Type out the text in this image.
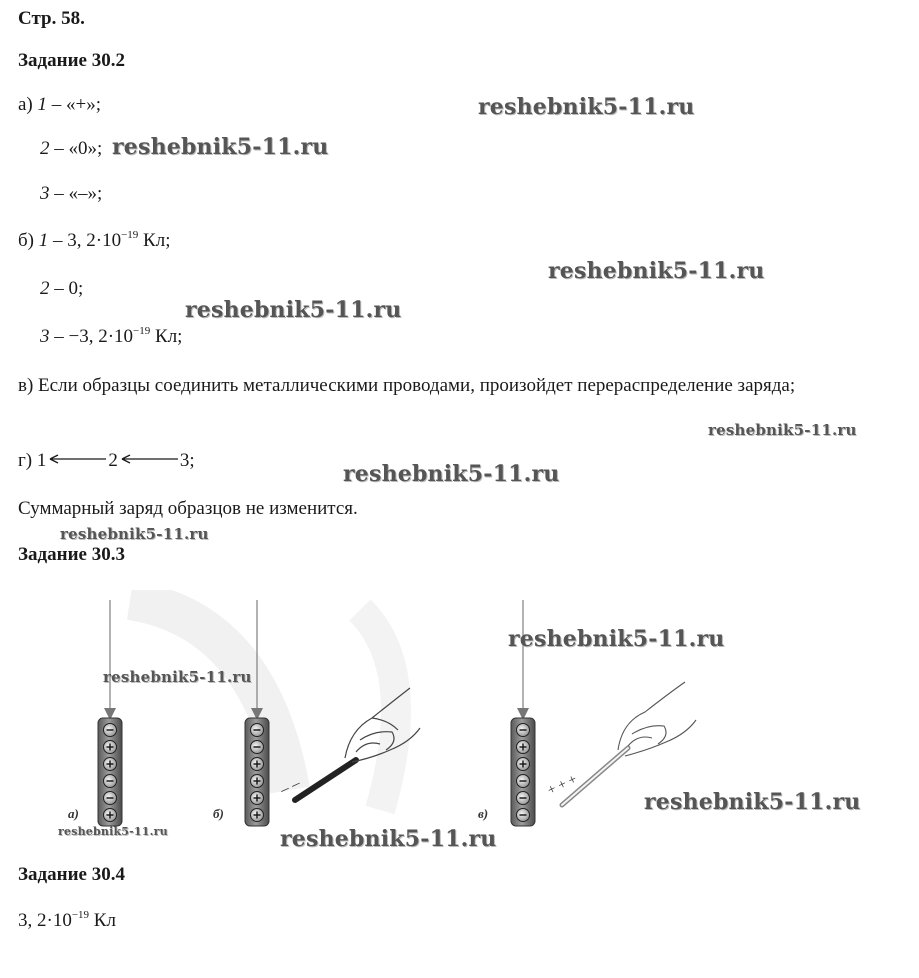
Стр. 58.
Задание 30.2
а) 1 – «+»;
2 – «0»;
3 – «–»;
б) 1 – 3, $2\cdot 10^{-19}$ Кл;
2 – 0;
3 – −3, $2\cdot 10^{-19}$ Кл;
в) Если образцы соединить металлическими проводами, произойдет перераспределение заряда;
г) 1	2	3;
Суммарный заряд образцов не изменится.
Задание 30.3
а)	б)
– –
в)
+ + +
Задание 30.4
3, $2\cdot 10^{-19}$ Кл
reshebnik5-11.ru
reshebnik5-11.ru
reshebnik5-11.ru
reshebnik5-11.ru
reshebnik5-11.ru
reshebnik5-11.ru
reshebnik5-11.ru
reshebnik5-11.ru
reshebnik5-11.ru
reshebnik5-11.ru
reshebnik5-11.ru	reshebnik5-11.ru
